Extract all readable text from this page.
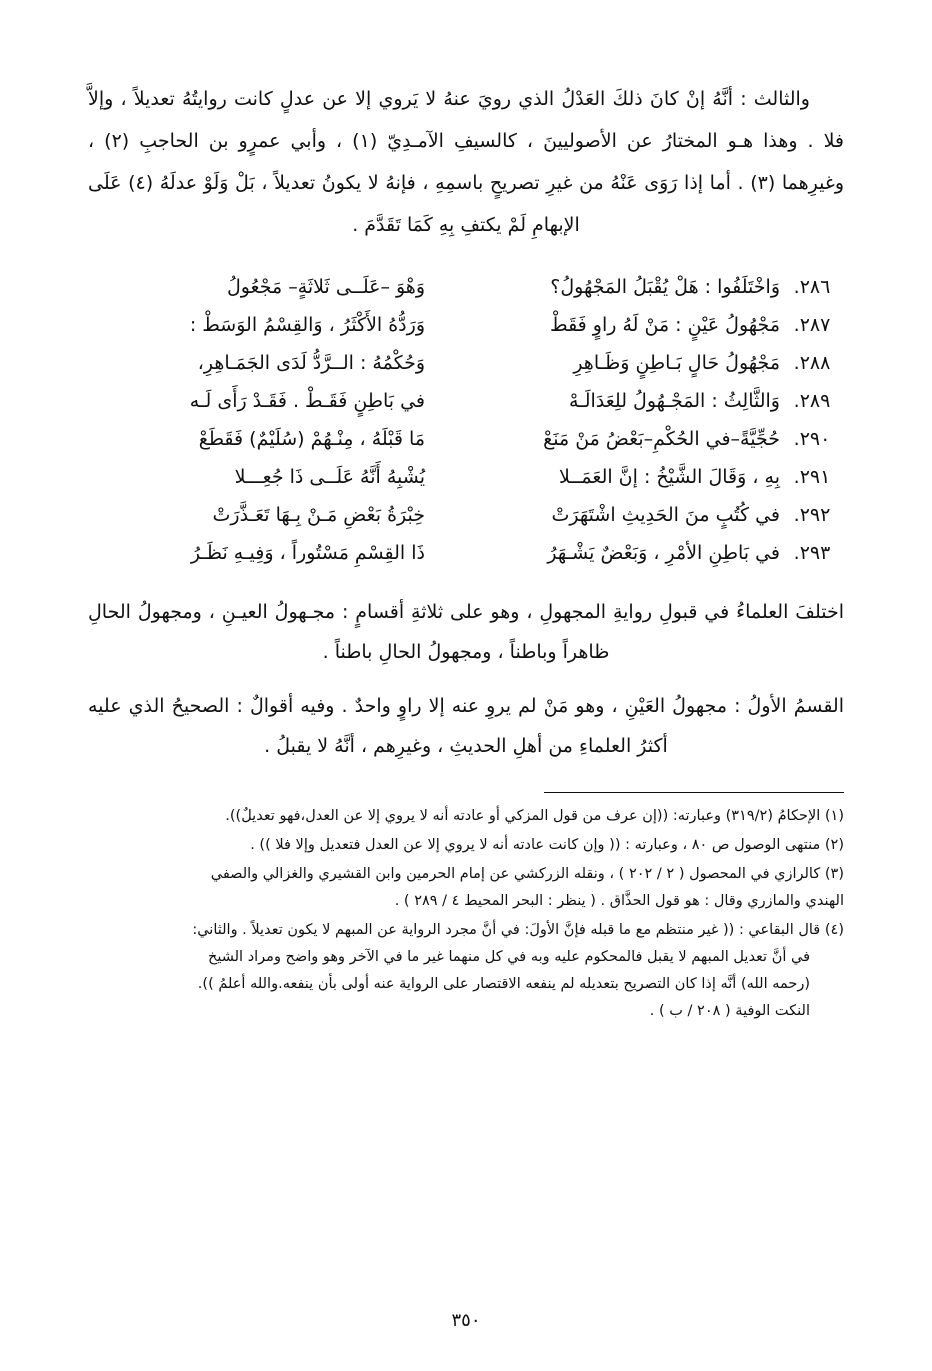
والثالث : أنَّهُ إنْ كانَ ذلكَ العَدْلُ الذي رويَ عنهُ لا يَروي إلا عن عدلٍ كانت روايتُهُ تعديلاً ، وإلاَّ فلا . وهذا هـو المختارُ عن الأصوليينَ ، كالسيفِ الآمـدِيّ (١) ، وأبي عمرٍو بن الحاجبِ (٢) ، وغيرِهما (٣) . أما إذا رَوَى عَنْهُ من غيرِ تصريحٍ باسمِهِ ، فإنهُ لا يكونُ تعديلاً ، بَلْ وَلَوْ عدلَهُ (٤) عَلَى الإبهامِ لَمْ يكتفِ بِهِ كَمَا تَقَدَّمَ .

٢٨٦.	وَاخْتَلَفُوا : هَلْ يُقْبَلُ المَجْهُولُ؟	وَهْوَ –عَلَــى ثَلاثَةٍ– مَجْعُولُ
٢٨٧.	مَجْهُولُ عَيْنٍ : مَنْ لَهُ راوٍ فَقَطْ	وَرَدُّهُ الأَكْثَرُ ، وَالقِسْمُ الوَسَطْ :
٢٨٨.	مَجْهُولُ حَالٍ بَـاطِنٍ وَظَـاهِرِ	وَحُكْمُهُ : الــرَّدُّ لَدَى الجَمَـاهِرِ،
٢٨٩.	وَالثَّالِثُ : المَجْـهُولُ للِعَدَالَـهْ	في بَاطِنٍ فَقَـطْ . فَقَـدْ رَأَى لَـه
٢٩٠.	حُجِّيَّةً–في الحُكْمِ–بَعْضُ مَنْ مَنَعْ	مَا قَبْلَهُ ، مِنْـهُمْ (سُلَيْمٌ) فَقَطَعْ
٢٩١.	بِهِ ، وَقَالَ الشَّيْخُ : إنَّ العَمَــلا	يُشْبِهُ أَنَّهُ عَلَــى ذَا جُعِـــلا
٢٩٢.	في كُتُبٍ منَ الحَدِيثِ اشْتَهَرَتْ	خِبْرَةُ بَعْضِ مَـنْ بِـهَا تَعَـذَّرَتْ
٢٩٣.	في بَاطِنِ الأمْرِ ، وَبَعْضٌ يَشْـهَرُ	ذَا القِسْمِ مَسْتُوراً ، وَفِيـهِ نَظَـرُ

اختلفَ العلماءُ في قبولِ روايةِ المجهولِ ، وهو على ثلاثةِ أقسامٍ : مجـهولُ العيـنِ ، ومجهولُ الحالِ ظاهراً وباطناً ، ومجهولُ الحالِ باطناً .

القسمُ الأولُ : مجهولُ العَيْنِ ، وهو مَنْ لم يروِ عنه إلا راوٍ واحدٌ . وفيه أقوالٌ : الصحيحُ الذي عليه أكثرُ العلماءِ من أهلِ الحديثِ ، وغيرِهم ، أنَّهُ لا يقبلُ .

(١) الإحكامُ (٣١٩/٢) وعبارته: ((إن عرف من قول المزكي أو عادته أنه لا يروي إلا عن العدل،فهو تعديلٌ)).

(٢) منتهى الوصول ص ٨٠ ، وعبارته : (( وإن كانت عادته أنه لا يروي إلا عن العدل فتعديل وإلا فلا )) .

(٣) كالرازي في المحصول ( ٢ / ٢٠٢ ) ، ونقله الزركشي عن إمام الحرمين وابن القشيري والغزالي والصفي
الهندي والمازري وقال : هو قول الحذَّاق . ( ينظر : البحر المحيط ٤ / ٢٨٩ ) .

(٤) قال البقاعي : (( غير منتظم مع ما قبله فإنَّ الأولَ: في أنَّ مجرد الرواية عن المبهم لا يكون تعديلاً . والثاني:
في أنَّ تعديل المبهم لا يقبل فالمحكوم عليه وبه في كل منهما غير ما في الآخر وهو واضح ومراد الشيخ
(رحمه الله) أنَّه إذا كان التصريح بتعديله لم ينفعه الاقتصار على الرواية عنه أولى بأن ينفعه.والله أعلمُ )).
النكت الوفية ( ٢٠٨ / ب ) .

٣٥٠
